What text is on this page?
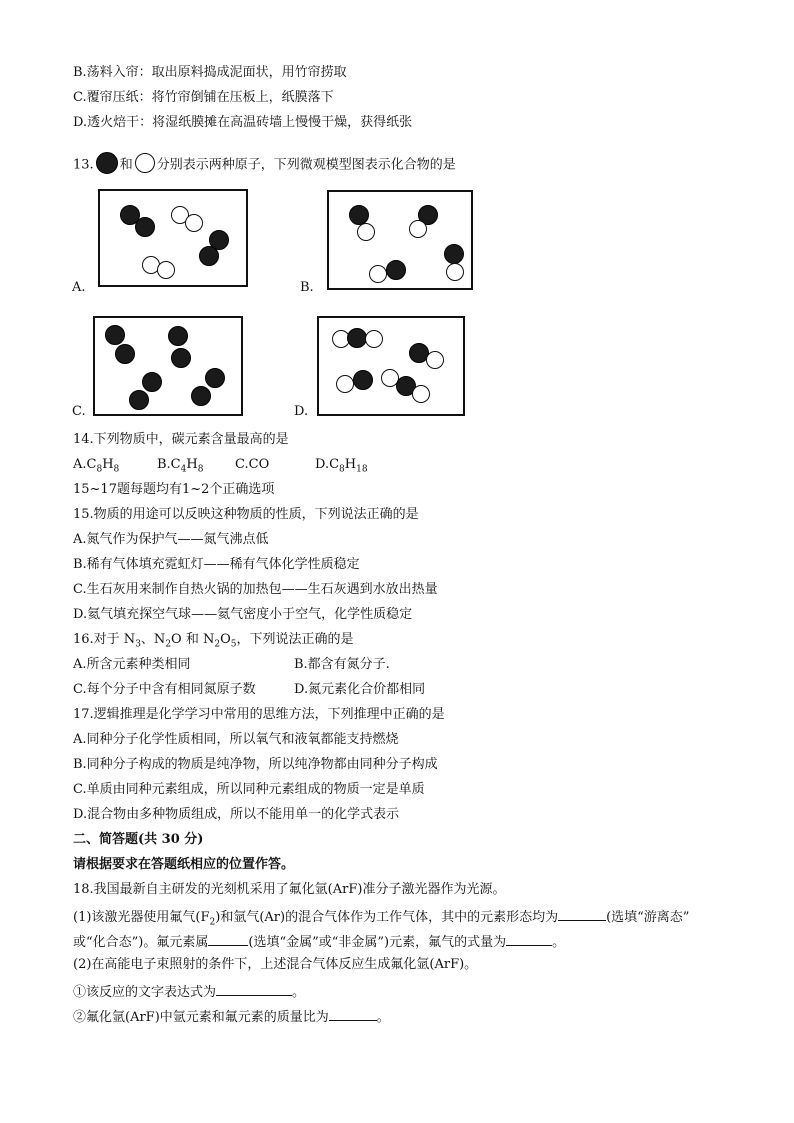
B.荡料入帘：取出原料捣成泥面状，用竹帘捞取
C.覆帘压纸：将竹帘倒铺在压板上，纸膜落下
D.透火焙干：将湿纸膜摊在高温砖墙上慢慢干燥，获得纸张
13. 和 分别表示两种原子，下列微观模型图表示化合物的是
A.	B.
C.	D.
14.下列物质中，碳元素含量最高的是
$A.C_8H_8$	$B.C_4H_8$ C.CO	$D.C_8H_{18}$
15~17题每题均有1~2个正确选项
15.物质的用途可以反映这种物质的性质，下列说法正确的是
A.氮气作为保护气——氮气沸点低
B.稀有气体填充霓虹灯——稀有气体化学性质稳定
C.生石灰用来制作自热火锅的加热包——生石灰遇到水放出热量
D.氦气填充探空气球——氦气密度小于空气，化学性质稳定
16.对于 $N_3$、$N_2O$ 和 $N_2O_5$，下列说法正确的是
A.所含元素种类相同	B.都含有氮分子.
C.每个分子中含有相同氮原子数	D.氮元素化合价都相同
17.逻辑推理是化学学习中常用的思维方法，下列推理中正确的是
A.同种分子化学性质相同，所以氧气和液氧都能支持燃烧
B.同种分子构成的物质是纯净物，所以纯净物都由同种分子构成
C.单质由同种元素组成，所以同种元素组成的物质一定是单质
D.混合物由多种物质组成，所以不能用单一的化学式表示
二、简答题(共 30 分)
请根据要求在答题纸相应的位置作答。
18.我国最新自主研发的光刻机采用了氟化氩(ArF)准分子激光器作为光源。
(1)该激光器使用氟气$(F_2)$和氩气(Ar)的混合气体作为工作气体，其中的元素形态均为	(选填“游离态”
或“化合态”)。氟元素属	(选填“金属”或“非金属”)元素，氟气的式量为	。
(2)在高能电子束照射的条件下，上述混合气体反应生成氟化氩(ArF)。
①该反应的文字表达式为	。
②氟化氩(ArF)中氩元素和氟元素的质量比为	。
